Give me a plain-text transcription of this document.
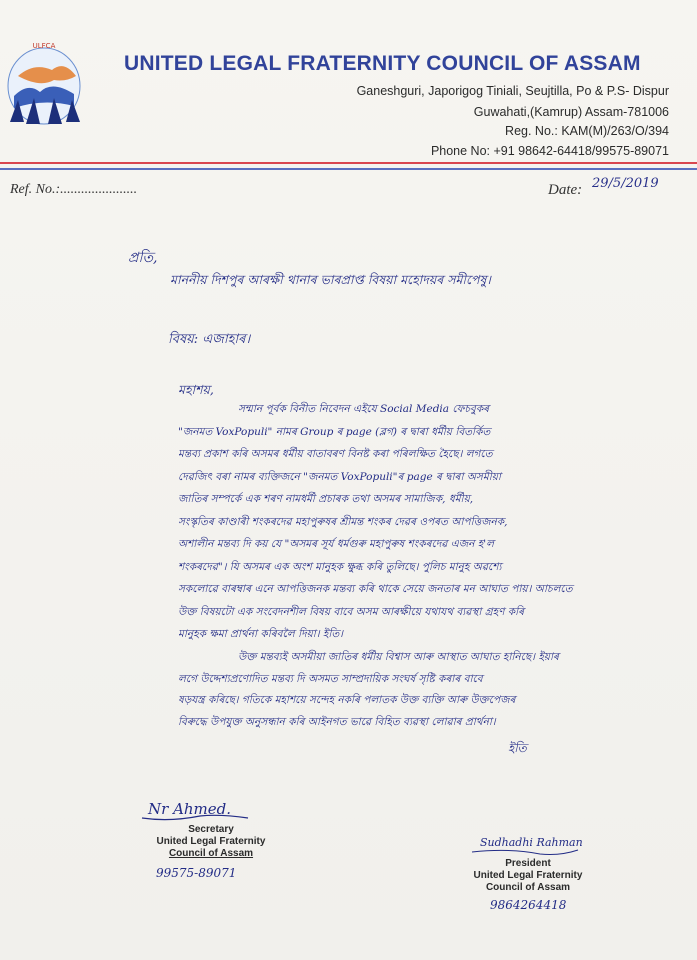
ULFCA
UNITED LEGAL FRATERNITY COUNCIL OF ASSAM
Ganeshguri, Japorigog Tiniali, Seujtilla, Po & P.S- Dispur
Guwahati,(Kamrup) Assam-781006
Reg. No.: KAM(M)/263/O/394
Phone No: +91 98642-64418/99575-89071
Ref. No.:......................	Date: 29/5/2019
প্ৰতি,
মাননীয় দিশপুৰ আৰক্ষী থানাৰ ভাৰপ্ৰাপ্ত বিষয়া মহোদয়ৰ সমীপেষু।
বিষয়: এজাহাৰ।
মহাশয়,
সন্মান পূৰ্বক বিনীত নিবেদন এইযে Social Media ফেচবুকৰ
"জনমত VoxPopuli" নামৰ Group ৰ page (ব্লগ) ৰ দ্বাৰা ধৰ্মীয় বিতৰ্কিত
মন্তব্য প্ৰকাশ কৰি অসমৰ ধৰ্মীয় বাতাবৰণ বিনষ্ট কৰা পৰিলক্ষিত হৈছে। লগতে
দেৱজিৎ বৰা নামৰ ব্যক্তিজনে "জনমত VoxPopuli"ৰ page ৰ দ্বাৰা অসমীয়া
জাতিৰ সম্পৰ্কে এক শৰণ নামধৰ্মী প্ৰচাৰক তথা অসমৰ সামাজিক, ধৰ্মীয়,
সংস্কৃতিৰ কাণ্ডাৰী শংকৰদেৱ মহাপুৰুষৰ শ্ৰীমন্ত শংকৰ দেৱৰ ওপৰত আপত্তিজনক,
অশালীন মন্তব্য দি কয় যে "অসমৰ সূৰ্য ধৰ্মগুৰু মহাপুৰুষ শংকৰদেৱ এজন হ'ল
শংকৰদেৱ"। যি অসমৰ এক অংশ মানুহক ক্ষুব্ধ কৰি তুলিছে। পুলিচ মানুহ অৱশ্যে
সকলোৱে বাৰম্বাৰ এনে আপত্তিজনক মন্তব্য কৰি থাকে সেয়ে জনতাৰ মন আঘাত পায়। আচলতে
উক্ত বিষয়টো এক সংবেদনশীল বিষয় বাবে অসম আৰক্ষীয়ে যথাযথ ব্যৱস্থা গ্ৰহণ কৰি
মানুহক ক্ষমা প্ৰাৰ্থনা কৰিবলৈ দিয়া। ইতি।
উক্ত মন্তব্যই অসমীয়া জাতিৰ ধৰ্মীয় বিশ্বাস আৰু আস্থাত আঘাত হানিছে। ইয়াৰ
লগে উদ্দেশ্যপ্ৰণোদিত মন্তব্য দি অসমত সাম্প্ৰদায়িক সংঘৰ্ষ সৃষ্টি কৰাৰ বাবে
ষড়যন্ত্ৰ কৰিছে। গতিকে মহাশয়ে সন্দেহ নকৰি পলাতক উক্ত ব্যক্তি আৰু উক্তপেজৰ
বিৰুদ্ধে উপযুক্ত অনুসন্ধান কৰি আইনগত ভাৱে বিহিত ব্যৱস্থা লোৱাৰ প্ৰাৰ্থনা।
ইতি
Nr Ahmed.
Secretary
United Legal Fraternity
Council of Assam
99575-89071
Sudhadhi Rahman
President
United Legal Fraternity
Council of Assam
9864264418
